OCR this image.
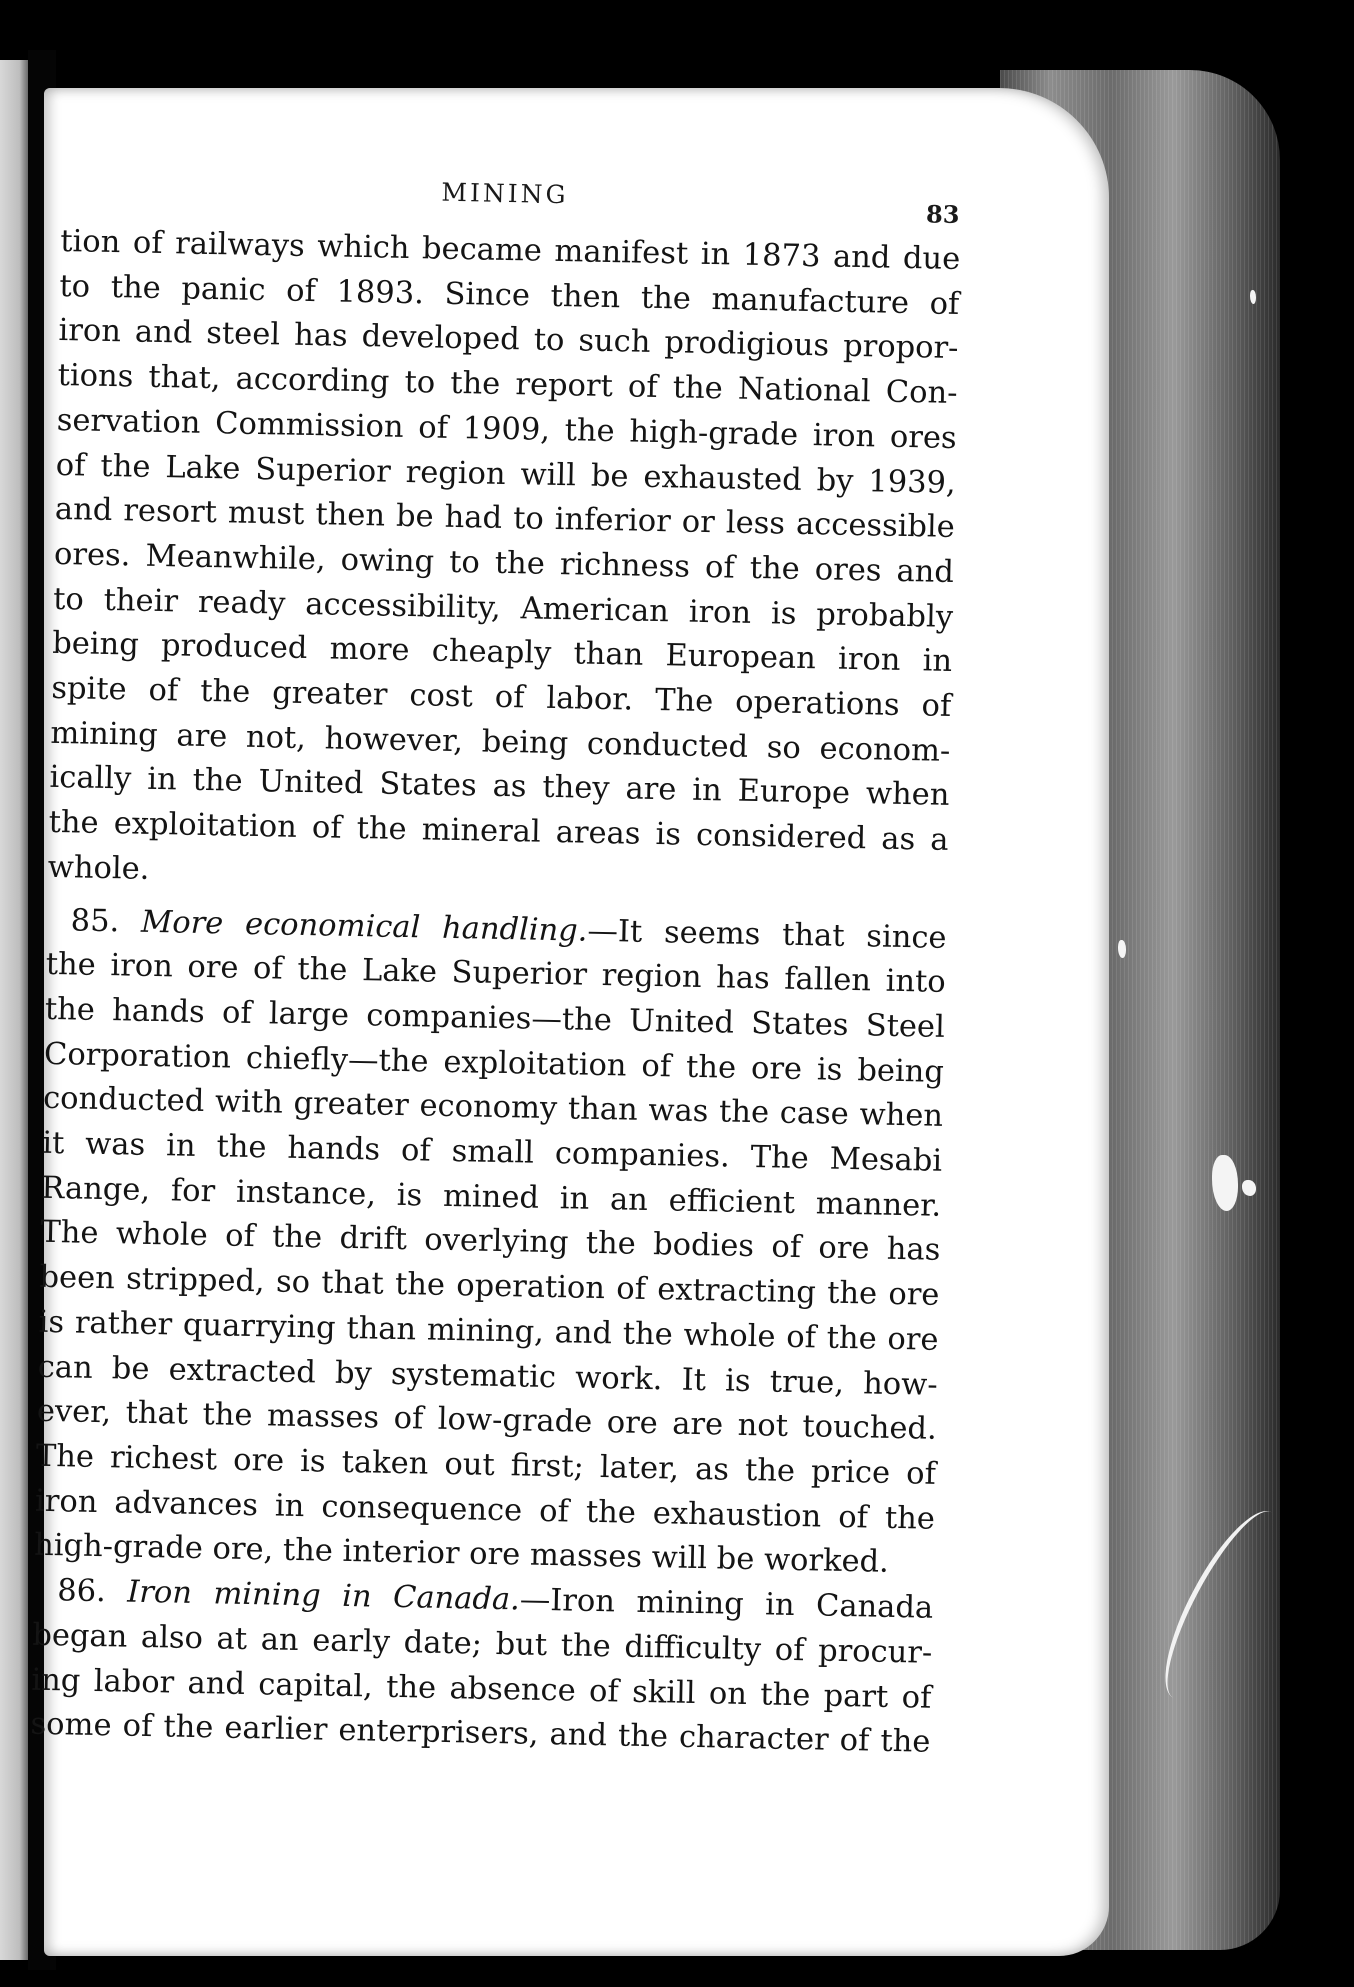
MINING
83
tion of railways which became manifest in 1873 and due
to the panic of 1893. Since then the manufacture of
iron and steel has developed to such prodigious propor-
tions that, according to the report of the National Con-
servation Commission of 1909, the high-grade iron ores
of the Lake Superior region will be exhausted by 1939,
and resort must then be had to inferior or less accessible
ores. Meanwhile, owing to the richness of the ores and
to their ready accessibility, American iron is probably
being produced more cheaply than European iron in
spite of the greater cost of labor. The operations of
mining are not, however, being conducted so econom-
ically in the United States as they are in Europe when
the exploitation of the mineral areas is considered as a
whole.
85. More economical handling.—It seems that since
the iron ore of the Lake Superior region has fallen into
the hands of large companies—the United States Steel
Corporation chiefly—the exploitation of the ore is being
conducted with greater economy than was the case when
it was in the hands of small companies. The Mesabi
Range, for instance, is mined in an efficient manner.
The whole of the drift overlying the bodies of ore has
been stripped, so that the operation of extracting the ore
is rather quarrying than mining, and the whole of the ore
can be extracted by systematic work. It is true, how-
ever, that the masses of low-grade ore are not touched.
The richest ore is taken out first; later, as the price of
iron advances in consequence of the exhaustion of the
high-grade ore, the interior ore masses will be worked.
86. Iron mining in Canada.—Iron mining in Canada
began also at an early date; but the difficulty of procur-
ing labor and capital, the absence of skill on the part of
some of the earlier enterprisers, and the character of the
